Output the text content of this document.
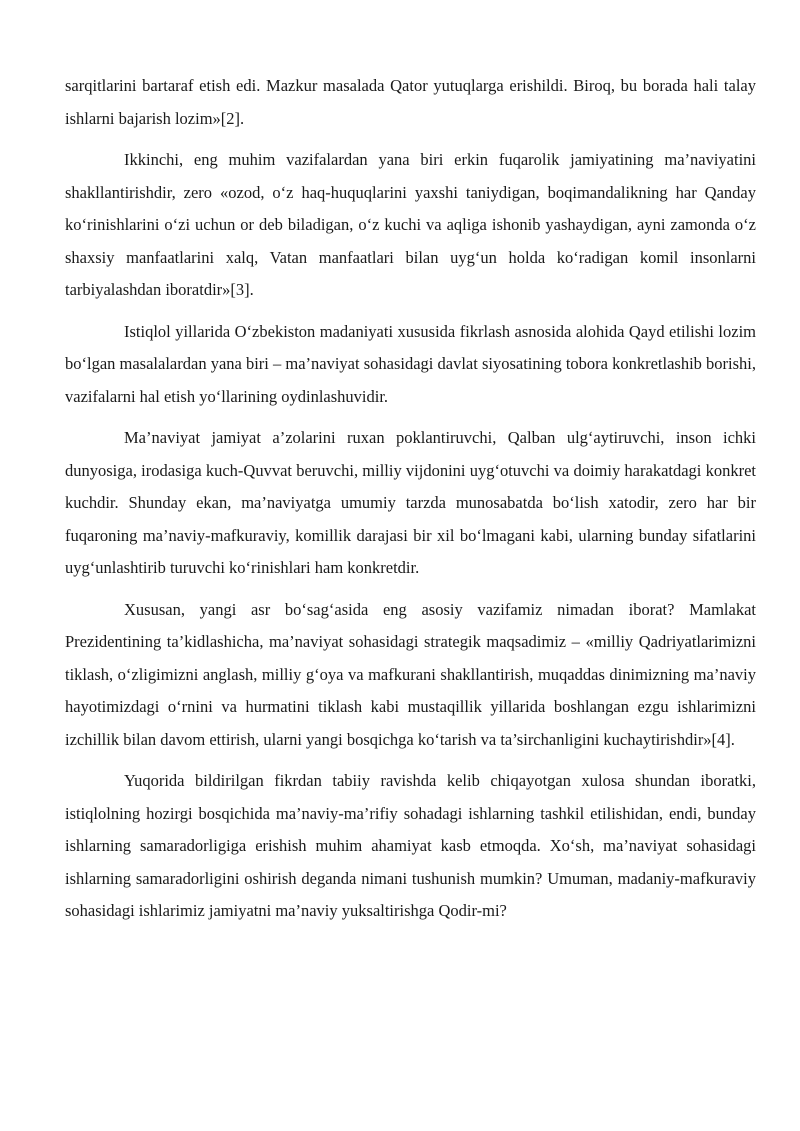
sarqitlarini bartaraf etish edi. Mazkur masalada Qator yutuqlarga erishildi. Biroq, bu borada hali talay ishlarni bajarish lozim»[2].

Ikkinchi, eng muhim vazifalardan yana biri erkin fuqarolik jamiyatining ma’naviyatini shakllantirishdir, zero «ozod, o‘z haq-huquqlarini yaxshi taniydigan, boqimandalikning har Qanday ko‘rinishlarini o‘zi uchun or deb biladigan, o‘z kuchi va aqliga ishonib yashaydigan, ayni zamonda o‘z shaxsiy manfaatlarini xalq, Vatan manfaatlari bilan uyg‘un holda ko‘radigan komil insonlarni tarbiyalashdan iboratdir»[3].

Istiqlol yillarida O‘zbekiston madaniyati xususida fikrlash asnosida alohida Qayd etilishi lozim bo‘lgan masalalardan yana biri – ma’naviyat sohasidagi davlat siyosatining tobora konkretlashib borishi, vazifalarni hal etish yo‘llarining oydinlashuvidir.

Ma’naviyat jamiyat a’zolarini ruxan poklantiruvchi, Qalban ulg‘aytiruvchi, inson ichki dunyosiga, irodasiga kuch-Quvvat beruvchi, milliy vijdonini uyg‘otuvchi va doimiy harakatdagi konkret kuchdir. Shunday ekan, ma’naviyatga umumiy tarzda munosabatda bo‘lish xatodir, zero har bir fuqaroning ma’naviy-mafkuraviy, komillik darajasi bir xil bo‘lmagani kabi, ularning bunday sifatlarini uyg‘unlashtirib turuvchi ko‘rinishlari ham konkretdir.

Xususan, yangi asr bo‘sag‘asida eng asosiy vazifamiz nimadan iborat? Mamlakat Prezidentining ta’kidlashicha, ma’naviyat sohasidagi strategik maqsadimiz – «milliy Qadriyatlarimizni tiklash, o‘zligimizni anglash, milliy g‘oya va mafkurani shakllantirish, muqaddas dinimizning ma’naviy hayotimizdagi o‘rnini va hurmatini tiklash kabi mustaqillik yillarida boshlangan ezgu ishlarimizni izchillik bilan davom ettirish, ularni yangi bosqichga ko‘tarish va ta’sirchanligini kuchaytirishdir»[4].

Yuqorida bildirilgan fikrdan tabiiy ravishda kelib chiqayotgan xulosa shundan iboratki, istiqlolning hozirgi bosqichida ma’naviy-ma’rifiy sohadagi ishlarning tashkil etilishidan, endi, bunday ishlarning samaradorligiga erishish muhim ahamiyat kasb etmoqda. Xo‘sh, ma’naviyat sohasidagi ishlarning samaradorligini oshirish deganda nimani tushunish mumkin? Umuman, madaniy-mafkuraviy sohasidagi ishlarimiz jamiyatni ma’naviy yuksaltirishga Qodir-mi?
